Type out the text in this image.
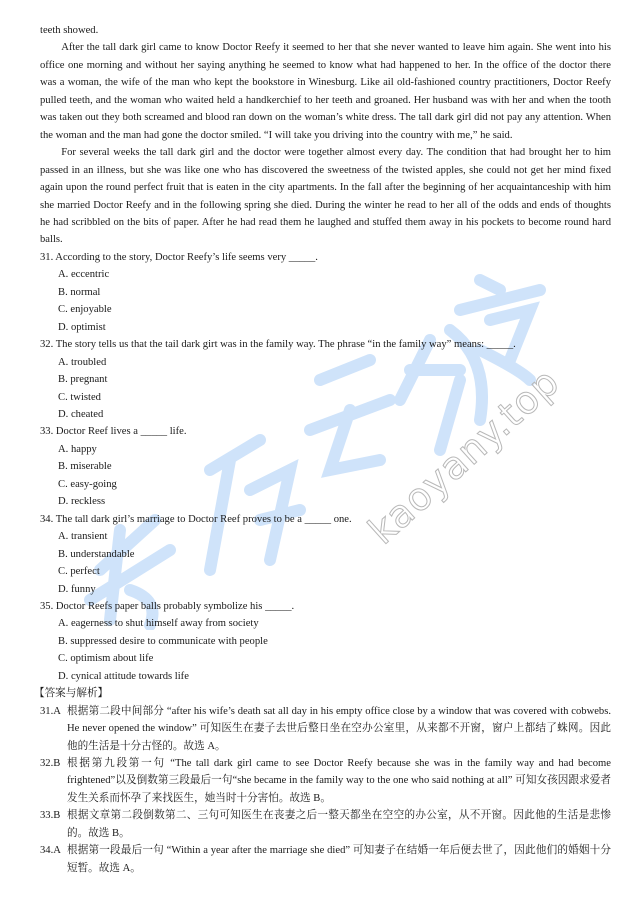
kaoyany.top

teeth showed.

After the tall dark girl came to know Doctor Reefy it seemed to her that she never wanted to leave him again. She went into his office one morning and without her saying anything he seemed to know what had happened to her. In the office of the doctor there was a woman, the wife of the man who kept the bookstore in Winesburg. Like ail old-fashioned country practitioners, Doctor Reefy pulled teeth, and the woman who waited held a handkerchief to her teeth and groaned. Her husband was with her and when the tooth was taken out they both screamed and blood ran down on the woman’s white dress. The tall dark girl did not pay any attention. When the woman and the man had gone the doctor smiled. “I will take you driving into the country with me,” he said.

For several weeks the tall dark girl and the doctor were together almost every day. The condition that had brought her to him passed in an illness, but she was like one who has discovered the sweetness of the twisted apples, she could not get her mind fixed again upon the round perfect fruit that is eaten in the city apartments. In the fall after the beginning of her acquaintanceship with him she married Doctor Reefy and in the following spring she died. During the winter he read to her all of the odds and ends of thoughts he had scribbled on the bits of paper. After he had read them he laughed and stuffed them away in his pockets to become round hard balls.

31. According to the story, Doctor Reefy’s life seems very _____.

A. eccentric

B. normal

C. enjoyable

D. optimist

32. The story tells us that the tail dark girt was in the family way. The phrase “in the family way” means: _____.

A. troubled

B. pregnant

C. twisted

D. cheated

33. Doctor Reef lives a _____ life.

A. happy

B. miserable

C. easy-going

D. reckless

34. The tall dark girl’s marriage to Doctor Reef proves to be a _____ one.

A. transient

B. understandable

C. perfect

D. funny

35. Doctor Reefs paper balls probably symbolize his _____.

A. eagerness to shut himself away from society

B. suppressed desire to communicate with people

C. optimism about life

D. cynical attitude towards life

【答案与解析】

31.A 根据第二段中间部分 “after his wife’s death sat all day in his empty office close by a window that was covered with cobwebs. He never opened the window” 可知医生在妻子去世后整日坐在空办公室里，从来都不开窗，窗户上都结了蛛网。因此他的生活是十分古怪的。故选 A。
32.B 根据第九段第一句 “The tall dark girl came to see Doctor Reefy because she was in the family way and had become frightened”以及倒数第三段最后一句“she became in the family way to the one who said nothing at all” 可知女孩因跟求爱者发生关系而怀孕了来找医生，她当时十分害怕。故选 B。
33.B 根据文章第二段倒数第二、三句可知医生在丧妻之后一整天都坐在空空的办公室，从不开窗。因此他的生活是悲惨的。故选 B。
34.A 根据第一段最后一句 “Within a year after the marriage she died” 可知妻子在结婚一年后便去世了，因此他们的婚姻十分短暂。故选 A。
